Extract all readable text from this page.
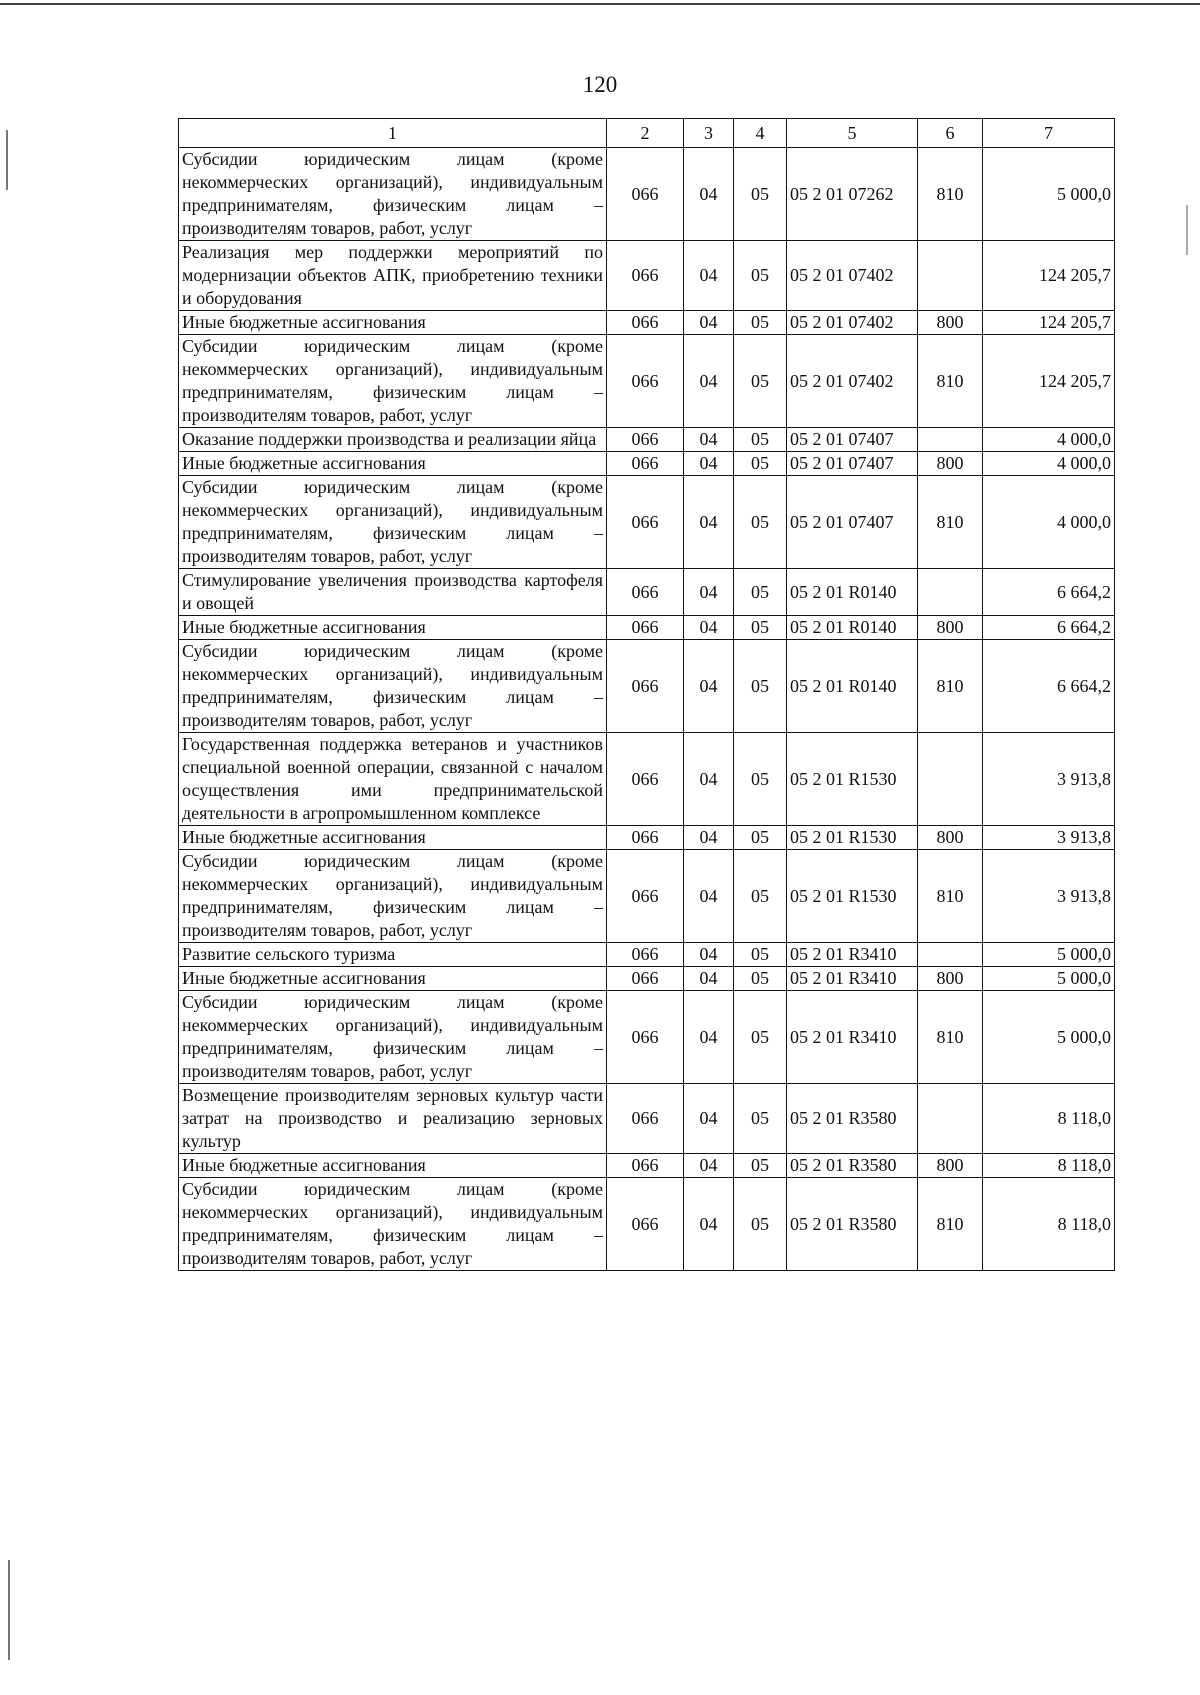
120
1	2	3	4	5	6	7
Субсидии юридическим лицам (кроме некоммерческих организаций), индивидуальным предпринимателям, физическим лицам – производителям товаров, работ, услуг	066	04	05	05 2 01 07262	810	5 000,0
Реализация мер поддержки мероприятий по модернизации объектов АПК, приобретению техники и оборудования	066	04	05	05 2 01 07402		124 205,7
Иные бюджетные ассигнования	066	04	05	05 2 01 07402	800	124 205,7
Субсидии юридическим лицам (кроме некоммерческих организаций), индивидуальным предпринимателям, физическим лицам – производителям товаров, работ, услуг	066	04	05	05 2 01 07402	810	124 205,7
Оказание поддержки производства и реализации яйца	066	04	05	05 2 01 07407		4 000,0
Иные бюджетные ассигнования	066	04	05	05 2 01 07407	800	4 000,0
Субсидии юридическим лицам (кроме некоммерческих организаций), индивидуальным предпринимателям, физическим лицам – производителям товаров, работ, услуг	066	04	05	05 2 01 07407	810	4 000,0
Стимулирование увеличения производства картофеля и овощей	066	04	05	05 2 01 R0140		6 664,2
Иные бюджетные ассигнования	066	04	05	05 2 01 R0140	800	6 664,2
Субсидии юридическим лицам (кроме некоммерческих организаций), индивидуальным предпринимателям, физическим лицам – производителям товаров, работ, услуг	066	04	05	05 2 01 R0140	810	6 664,2
Государственная поддержка ветеранов и участников специальной военной операции, связанной с началом осуществления ими предпринимательской деятельности в агропромышленном комплексе	066	04	05	05 2 01 R1530		3 913,8
Иные бюджетные ассигнования	066	04	05	05 2 01 R1530	800	3 913,8
Субсидии юридическим лицам (кроме некоммерческих организаций), индивидуальным предпринимателям, физическим лицам – производителям товаров, работ, услуг	066	04	05	05 2 01 R1530	810	3 913,8
Развитие сельского туризма	066	04	05	05 2 01 R3410		5 000,0
Иные бюджетные ассигнования	066	04	05	05 2 01 R3410	800	5 000,0
Субсидии юридическим лицам (кроме некоммерческих организаций), индивидуальным предпринимателям, физическим лицам – производителям товаров, работ, услуг	066	04	05	05 2 01 R3410	810	5 000,0
Возмещение производителям зерновых культур части затрат на производство и реализацию зерновых культур	066	04	05	05 2 01 R3580		8 118,0
Иные бюджетные ассигнования	066	04	05	05 2 01 R3580	800	8 118,0
Субсидии юридическим лицам (кроме некоммерческих организаций), индивидуальным предпринимателям, физическим лицам – производителям товаров, работ, услуг	066	04	05	05 2 01 R3580	810	8 118,0
